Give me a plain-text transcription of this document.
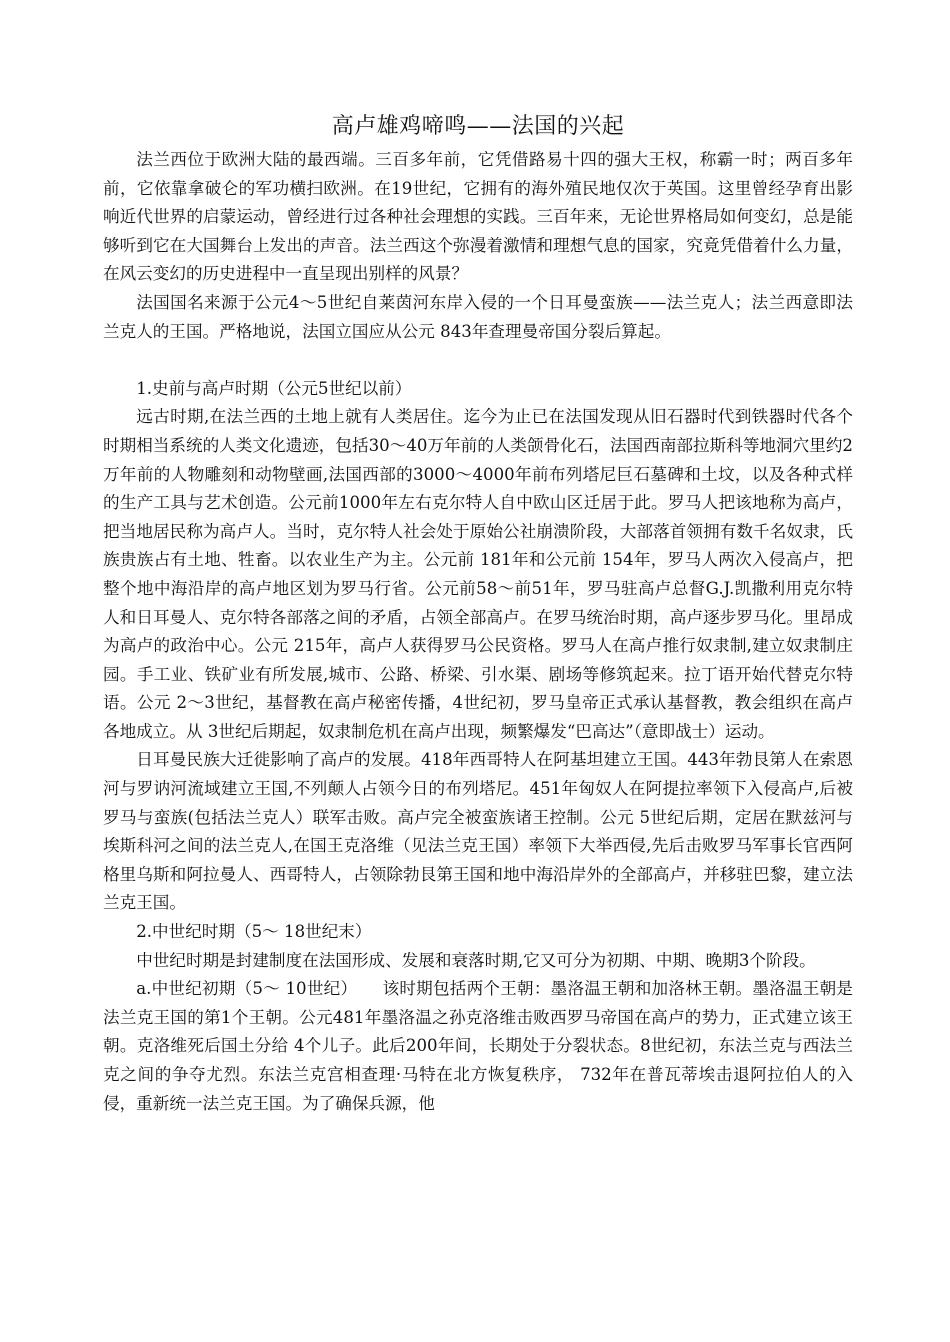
高卢雄鸡啼鸣——法国的兴起

法兰西位于欧洲大陆的最西端。三百多年前，它凭借路易十四的强大王权，称霸一时；两百多年前，它依靠拿破仑的军功横扫欧洲。在19世纪，它拥有的海外殖民地仅次于英国。这里曾经孕育出影响近代世界的启蒙运动，曾经进行过各种社会理想的实践。三百年来，无论世界格局如何变幻，总是能够听到它在大国舞台上发出的声音。法兰西这个弥漫着激情和理想气息的国家，究竟凭借着什么力量，在风云变幻的历史进程中一直呈现出别样的风景？

法国国名来源于公元4～5世纪自莱茵河东岸入侵的一个日耳曼蛮族——法兰克人；法兰西意即法兰克人的王国。严格地说，法国立国应从公元 843年查理曼帝国分裂后算起。

1.史前与高卢时期（公元5世纪以前）

远古时期,在法兰西的土地上就有人类居住。迄今为止已在法国发现从旧石器时代到铁器时代各个时期相当系统的人类文化遗迹，包括30～40万年前的人类颌骨化石，法国西南部拉斯科等地洞穴里约2万年前的人物雕刻和动物壁画,法国西部的3000～4000年前布列塔尼巨石墓碑和土坟，以及各种式样的生产工具与艺术创造。公元前1000年左右克尔特人自中欧山区迁居于此。罗马人把该地称为高卢，把当地居民称为高卢人。当时，克尔特人社会处于原始公社崩溃阶段，大部落首领拥有数千名奴隶，氏族贵族占有土地、牲畜。以农业生产为主。公元前 181年和公元前 154年，罗马人两次入侵高卢，把整个地中海沿岸的高卢地区划为罗马行省。公元前58～前51年，罗马驻高卢总督G.J.凯撒利用克尔特人和日耳曼人、克尔特各部落之间的矛盾，占领全部高卢。在罗马统治时期，高卢逐步罗马化。里昂成为高卢的政治中心。公元 215年，高卢人获得罗马公民资格。罗马人在高卢推行奴隶制,建立奴隶制庄园。手工业、铁矿业有所发展,城市、公路、桥梁、引水渠、剧场等修筑起来。拉丁语开始代替克尔特语。公元 2～3世纪，基督教在高卢秘密传播，4世纪初，罗马皇帝正式承认基督教，教会组织在高卢各地成立。从 3世纪后期起，奴隶制危机在高卢出现，频繁爆发“巴高达”（意即战士）运动。

日耳曼民族大迁徙影响了高卢的发展。418年西哥特人在阿基坦建立王国。443年勃艮第人在索恩河与罗讷河流域建立王国,不列颠人占领今日的布列塔尼。451年匈奴人在阿提拉率领下入侵高卢,后被罗马与蛮族(包括法兰克人）联军击败。高卢完全被蛮族诸王控制。公元 5世纪后期，定居在默兹河与埃斯科河之间的法兰克人,在国王克洛维（见法兰克王国）率领下大举西侵,先后击败罗马军事长官西阿格里乌斯和阿拉曼人、西哥特人，占领除勃艮第王国和地中海沿岸外的全部高卢，并移驻巴黎，建立法兰克王国。

2.中世纪时期（5～ 18世纪末）

中世纪时期是封建制度在法国形成、发展和衰落时期,它又可分为初期、中期、晚期3个阶段。

a.中世纪初期（5～ 10世纪）　　该时期包括两个王朝：墨洛温王朝和加洛林王朝。墨洛温王朝是法兰克王国的第1个王朝。公元481年墨洛温之孙克洛维击败西罗马帝国在高卢的势力，正式建立该王朝。克洛维死后国土分给 4个儿子。此后200年间，长期处于分裂状态。8世纪初，东法兰克与西法兰克之间的争夺尤烈。东法兰克宫相查理·马特在北方恢复秩序， 732年在普瓦蒂埃击退阿拉伯人的入侵，重新统一法兰克王国。为了确保兵源，他
